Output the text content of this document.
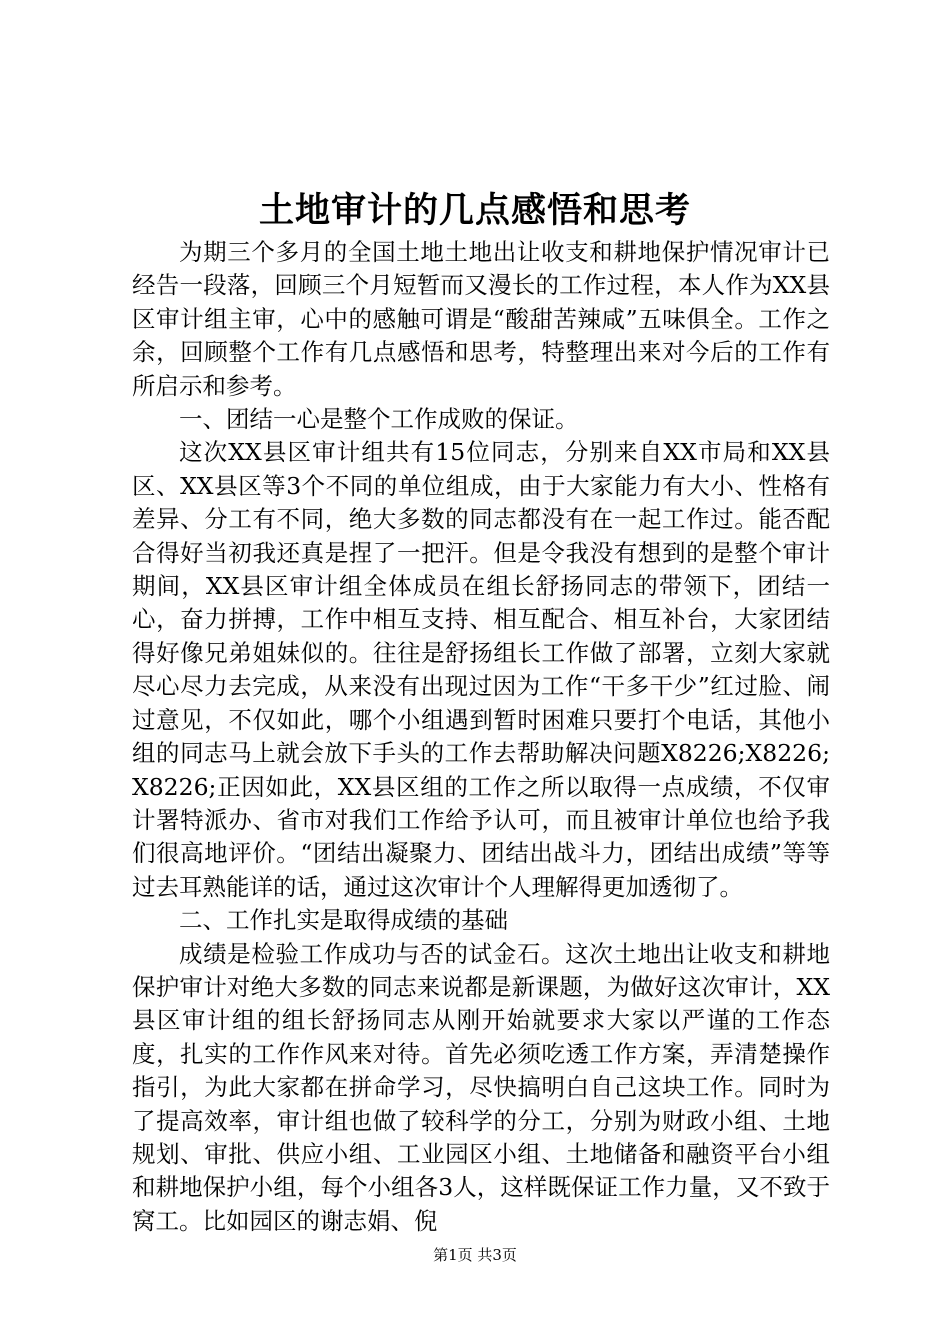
土地审计的几点感悟和思考

为期三个多月的全国土地土地出让收支和耕地保护情况审计已经告一段落，回顾三个月短暂而又漫长的工作过程，本人作为XX县区审计组主审，心中的感触可谓是“酸甜苦辣咸”五味俱全。工作之余，回顾整个工作有几点感悟和思考，特整理出来对今后的工作有所启示和参考。

一、团结一心是整个工作成败的保证。

这次XX县区审计组共有15位同志，分别来自XX市局和XX县区、XX县区等3个不同的单位组成，由于大家能力有大小、性格有差异、分工有不同，绝大多数的同志都没有在一起工作过。能否配合得好当初我还真是捏了一把汗。但是令我没有想到的是整个审计期间，XX县区审计组全体成员在组长舒扬同志的带领下，团结一心，奋力拼搏，工作中相互支持、相互配合、相互补台，大家团结得好像兄弟姐妹似的。往往是舒扬组长工作做了部署，立刻大家就尽心尽力去完成，从来没有出现过因为工作“干多干少”红过脸、闹过意见，不仅如此，哪个小组遇到暂时困难只要打个电话，其他小组的同志马上就会放下手头的工作去帮助解决问题X8226;X8226;X8226;正因如此，XX县区组的工作之所以取得一点成绩，不仅审计署特派办、省市对我们工作给予认可，而且被审计单位也给予我们很高地评价。“团结出凝聚力、团结出战斗力，团结出成绩”等等过去耳熟能详的话，通过这次审计个人理解得更加透彻了。

二、工作扎实是取得成绩的基础

成绩是检验工作成功与否的试金石。这次土地出让收支和耕地保护审计对绝大多数的同志来说都是新课题，为做好这次审计，XX县区审计组的组长舒扬同志从刚开始就要求大家以严谨的工作态度，扎实的工作作风来对待。首先必须吃透工作方案，弄清楚操作指引，为此大家都在拼命学习，尽快搞明白自己这块工作。同时为了提高效率，审计组也做了较科学的分工，分别为财政小组、土地规划、审批、供应小组、工业园区小组、土地储备和融资平台小组和耕地保护小组，每个小组各3人，这样既保证工作力量，又不致于窝工。比如园区的谢志娟、倪

第1页 共3页
